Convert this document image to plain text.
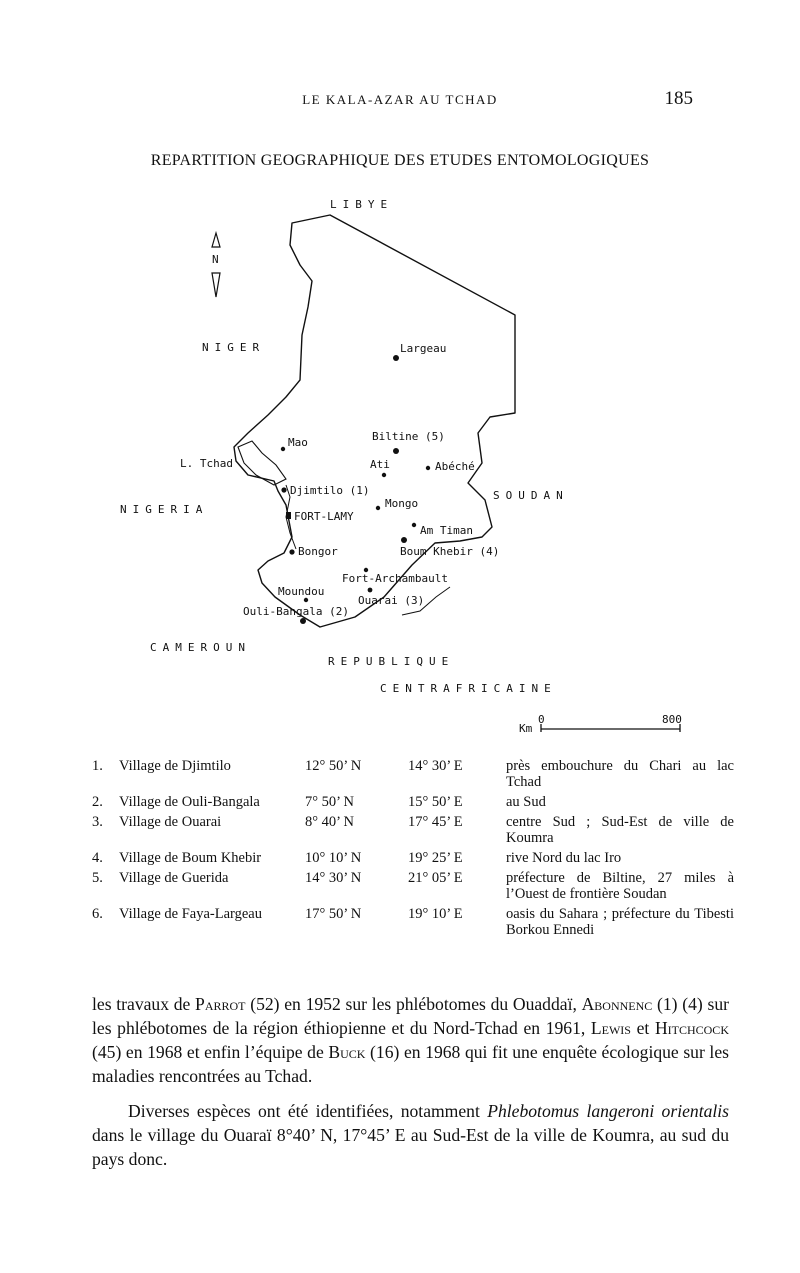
LE KALA-AZAR AU TCHAD	185
REPARTITION GEOGRAPHIQUE DES ETUDES ENTOMOLOGIQUES
N
LIBYE
NIGER
NIGERIA
SOUDAN
CAMEROUN
REPUBLIQUE
CENTRAFRICAINE
Largeau
Mao
L. Tchad
Biltine (5)
Ati	Abéché
Djimtilo (1)
Mongo
FORT-LAMY
Am Timan
Bongor	Boum Khebir (4)
Fort-Archambault
Moundou
Ouarai (3)
Ouli-Bangala (2)
Km
0	800
1.	Village de Djimtilo	12° 50’ N	14° 30’ E	près embouchure du Chari au lac Tchad
2.	Village de Ouli-Bangala	7° 50’ N	15° 50’ E	au Sud
3.	Village de Ouarai	8° 40’ N	17° 45’ E	centre Sud ; Sud-Est de ville de Koumra
4.	Village de Boum Khebir	10° 10’ N	19° 25’ E	rive Nord du lac Iro
5.	Village de Guerida	14° 30’ N	21° 05’ E	préfecture de Biltine, 27 miles à l’Ouest de frontière Soudan
6.	Village de Faya-Largeau	17° 50’ N	19° 10’ E	oasis du Sahara ; préfecture du Tibesti Borkou Ennedi

les travaux de Parrot (52) en 1952 sur les phlébotomes du Ouaddaï, Abonnenc (1) (4) sur les phlébotomes de la région éthiopienne et du Nord-Tchad en 1961, Lewis et Hitchcock (45) en 1968 et enfin l’équipe de Buck (16) en 1968 qui fit une enquête écologique sur les maladies rencontrées au Tchad.

Diverses espèces ont été identifiées, notamment Phlebotomus langeroni orientalis dans le village du Ouaraï 8°40’ N, 17°45’ E au Sud-Est de la ville de Koumra, au sud du pays donc.
